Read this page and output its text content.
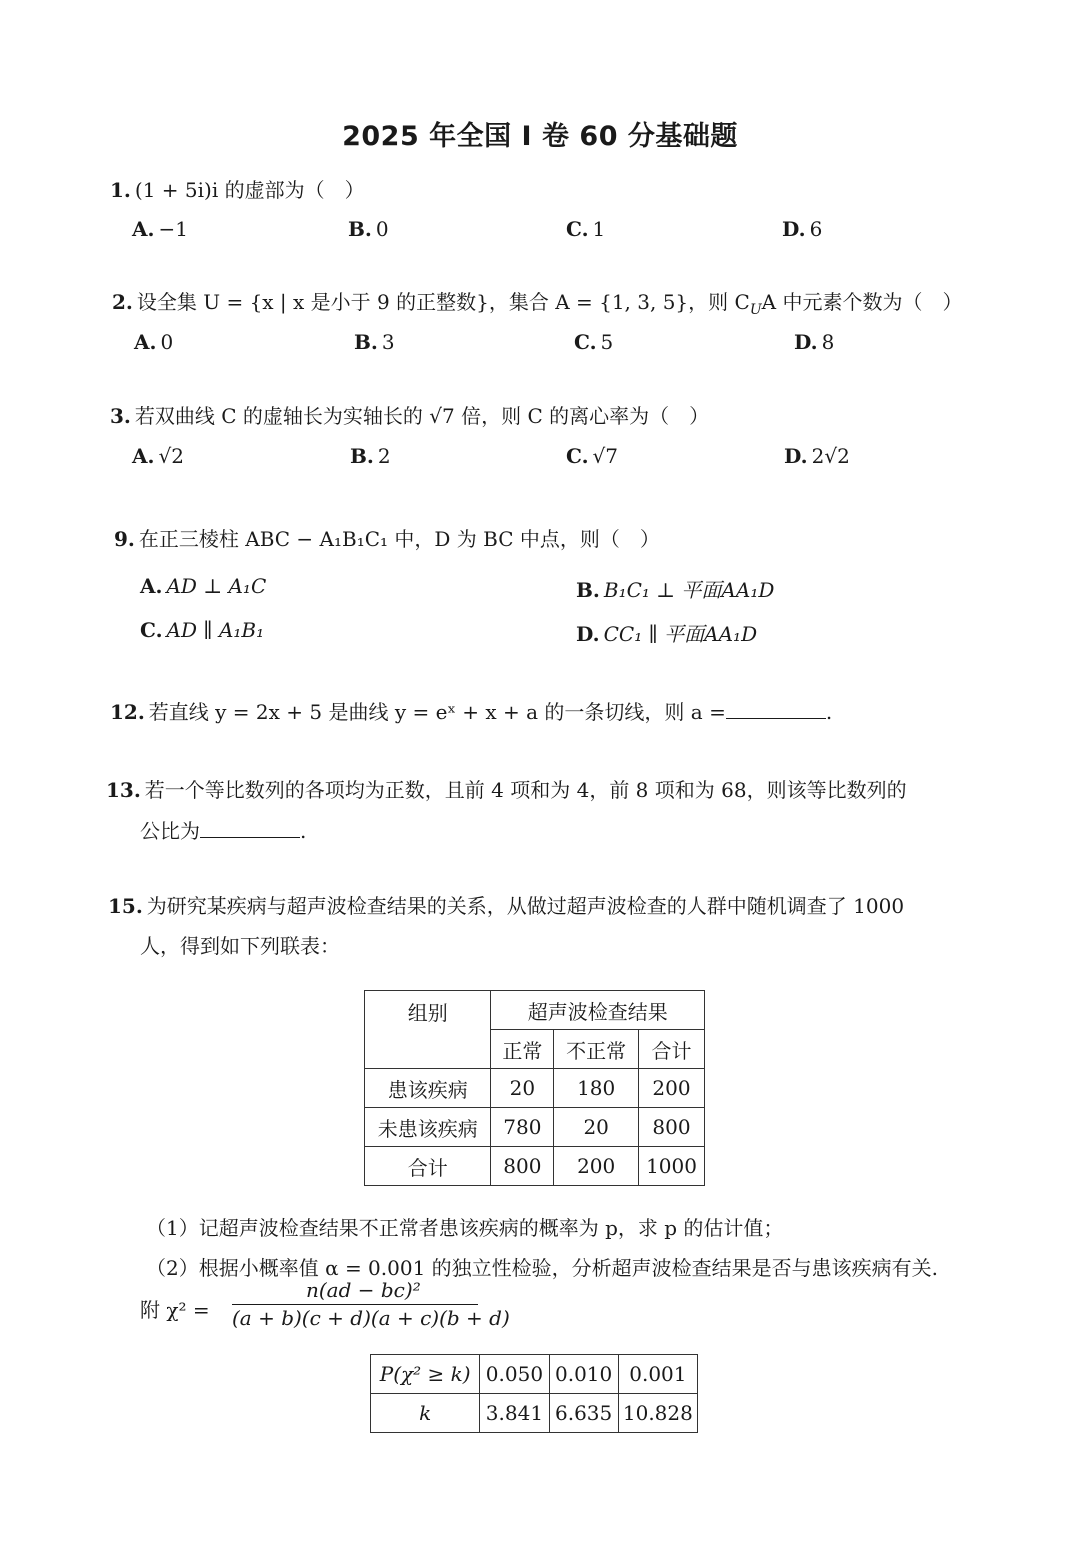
2025 年全国 I 卷 60 分基础题
1. (1 + 5i)i 的虚部为（　）
A. −1	B. 0	C. 1	D. 6
2. 设全集 U = {x | x 是小于 9 的正整数}，集合 A = {1, 3, 5}，则 $C_UA$ 中元素个数为（　）
A. 0	B. 3	C. 5	D. 8
3. 若双曲线 C 的虚轴长为实轴长的 √7 倍，则 C 的离心率为（　）
A. √2	B. 2	C. √7	D. 2√2
9. 在正三棱柱 ABC − A₁B₁C₁ 中，D 为 BC 中点，则（　）
A. AD ⊥ A₁C	B. B₁C₁ ⊥ 平面AA₁D
C. AD ∥ A₁B₁	D. CC₁ ∥ 平面AA₁D
12. 若直线 y = 2x + 5 是曲线 y = eˣ + x + a 的一条切线，则 a =	.
13. 若一个等比数列的各项均为正数，且前 4 项和为 4，前 8 项和为 68，则该等比数列的
公比为	.
15. 为研究某疾病与超声波检查结果的关系，从做过超声波检查的人群中随机调查了 1000
人，得到如下列联表：
组别	超声波检查结果		
	正常	不正常	合计
患该疾病	20	180	200
未患该疾病	780	20	800
合计	800	200	1000
（1）记超声波检查结果不正常者患该疾病的概率为 p，求 p 的估计值；
（2）根据小概率值 α = 0.001 的独立性检验，分析超声波检查结果是否与患该疾病有关.
附 χ² =
n(ad − bc)²
(a + b)(c + d)(a + c)(b + d)
P(χ² ≥ k)	0.050	0.010	0.001
k	3.841	6.635	10.828
